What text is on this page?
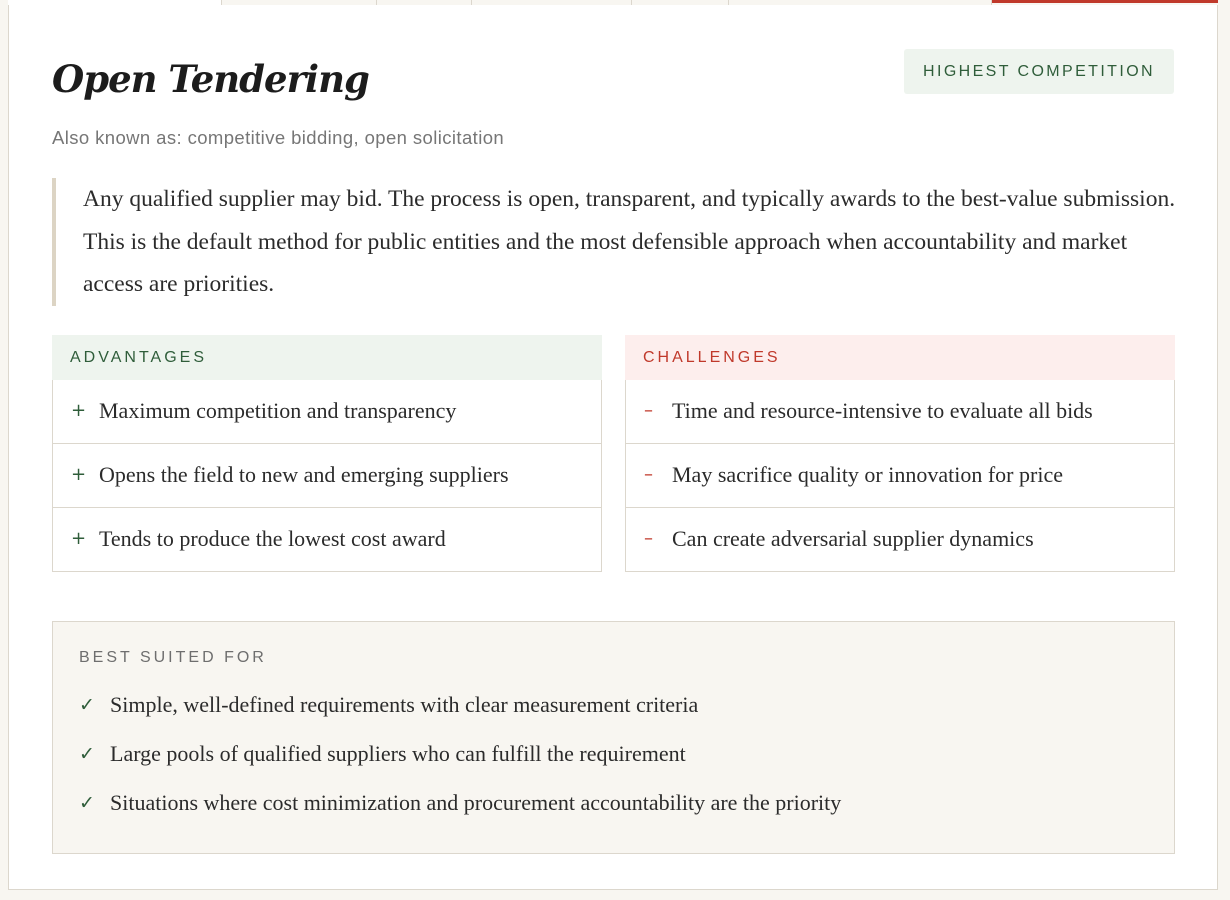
Open Tendering	HIGHEST COMPETITION
Also known as: competitive bidding, open solicitation

Any qualified supplier may bid. The process is open, transparent, and typically awards to the best-value submission. This is the default method for public entities and the most defensible approach when accountability and market access are priorities.

ADVANTAGES
+ Maximum competition and transparency
+ Opens the field to new and emerging suppliers
+ Tends to produce the lowest cost award
CHALLENGES
– Time and resource-intensive to evaluate all bids
– May sacrifice quality or innovation for price
– Can create adversarial supplier dynamics
BEST SUITED FOR
✓ Simple, well-defined requirements with clear measurement criteria
✓ Large pools of qualified suppliers who can fulfill the requirement
✓ Situations where cost minimization and procurement accountability are the priority
